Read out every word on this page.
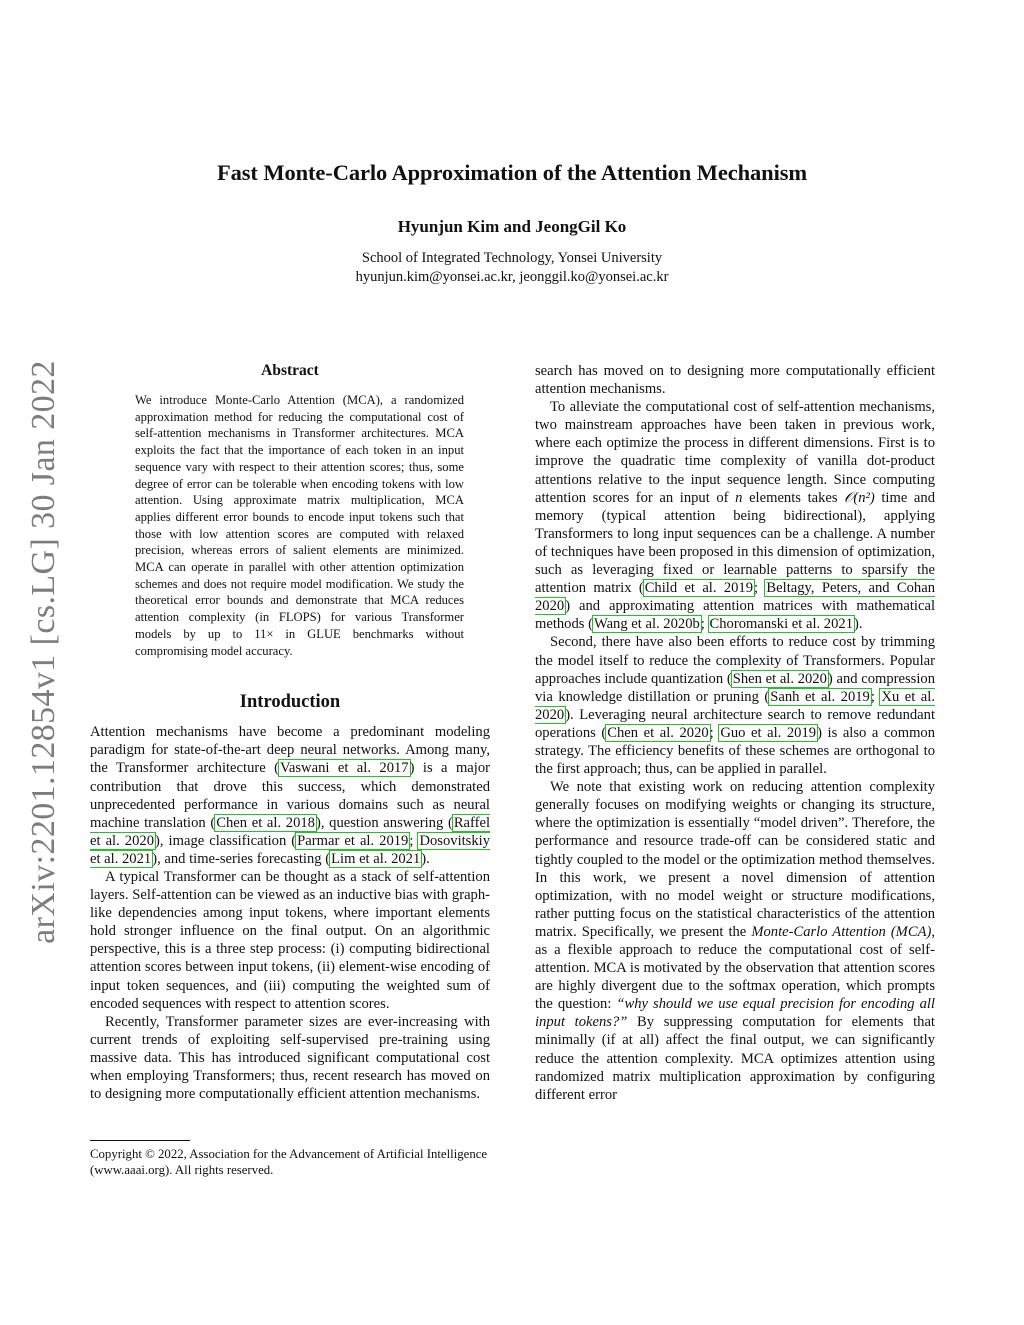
Fast Monte-Carlo Approximation of the Attention Mechanism
Hyunjun Kim and JeongGil Ko
School of Integrated Technology, Yonsei University
hyunjun.kim@yonsei.ac.kr, jeonggil.ko@yonsei.ac.kr
arXiv:2201.12854v1 [cs.LG] 30 Jan 2022	Abstract
We introduce Monte-Carlo Attention (MCA), a randomized approximation method for reducing the computational cost of self-attention mechanisms in Transformer architectures. MCA exploits the fact that the importance of each token in an input sequence vary with respect to their attention scores; thus, some degree of error can be tolerable when encoding tokens with low attention. Using approximate matrix multiplication, MCA applies different error bounds to encode input tokens such that those with low attention scores are computed with relaxed precision, whereas errors of salient elements are minimized. MCA can operate in parallel with other attention optimization schemes and does not require model modification. We study the theoretical error bounds and demonstrate that MCA reduces attention complexity (in FLOPS) for various Transformer models by up to 11× in GLUE benchmarks without compromising model accuracy.
Introduction

Attention mechanisms have become a predominant modeling paradigm for state-of-the-art deep neural networks. Among many, the Transformer architecture (Vaswani et al. 2017) is a major contribution that drove this success, which demonstrated unprecedented performance in various domains such as neural machine translation (Chen et al. 2018), question answering (Raffel et al. 2020), image classification (Parmar et al. 2019; Dosovitskiy et al. 2021), and time-series forecasting (Lim et al. 2021).

A typical Transformer can be thought as a stack of self-attention layers. Self-attention can be viewed as an inductive bias with graph-like dependencies among input tokens, where important elements hold stronger influence on the final output. On an algorithmic perspective, this is a three step process: (i) computing bidirectional attention scores between input tokens, (ii) element-wise encoding of input token sequences, and (iii) computing the weighted sum of encoded sequences with respect to attention scores.

Recently, Transformer parameter sizes are ever-increasing with current trends of exploiting self-supervised pre-training using massive data. This has introduced significant computational cost when employing Transformers; thus, recent research has moved on to designing more computationally efficient attention mechanisms.

search has moved on to designing more computationally efficient attention mechanisms.

To alleviate the computational cost of self-attention mechanisms, two mainstream approaches have been taken in previous work, where each optimize the process in different dimensions. First is to improve the quadratic time complexity of vanilla dot-product attentions relative to the input sequence length. Since computing attention scores for an input of n elements takes 𝒪(n²) time and memory (typical attention being bidirectional), applying Transformers to long input sequences can be a challenge. A number of techniques have been proposed in this dimension of optimization, such as leveraging fixed or learnable patterns to sparsify the attention matrix (Child et al. 2019; Beltagy, Peters, and Cohan 2020) and approximating attention matrices with mathematical methods (Wang et al. 2020b; Choromanski et al. 2021).

Second, there have also been efforts to reduce cost by trimming the model itself to reduce the complexity of Transformers. Popular approaches include quantization (Shen et al. 2020) and compression via knowledge distillation or pruning (Sanh et al. 2019; Xu et al. 2020). Leveraging neural architecture search to remove redundant operations (Chen et al. 2020; Guo et al. 2019) is also a common strategy. The efficiency benefits of these schemes are orthogonal to the first approach; thus, can be applied in parallel.

We note that existing work on reducing attention complexity generally focuses on modifying weights or changing its structure, where the optimization is essentially “model driven”. Therefore, the performance and resource trade-off can be considered static and tightly coupled to the model or the optimization method themselves. In this work, we present a novel dimension of attention optimization, with no model weight or structure modifications, rather putting focus on the statistical characteristics of the attention matrix. Specifically, we present the Monte-Carlo Attention (MCA), as a flexible approach to reduce the computational cost of self-attention. MCA is motivated by the observation that attention scores are highly divergent due to the softmax operation, which prompts the question: “why should we use equal precision for encoding all input tokens?” By suppressing computation for elements that minimally (if at all) affect the final output, we can significantly reduce the attention complexity. MCA optimizes attention using randomized matrix multiplication approximation by configuring different error

Copyright © 2022, Association for the Advancement of Artificial Intelligence (www.aaai.org). All rights reserved.
